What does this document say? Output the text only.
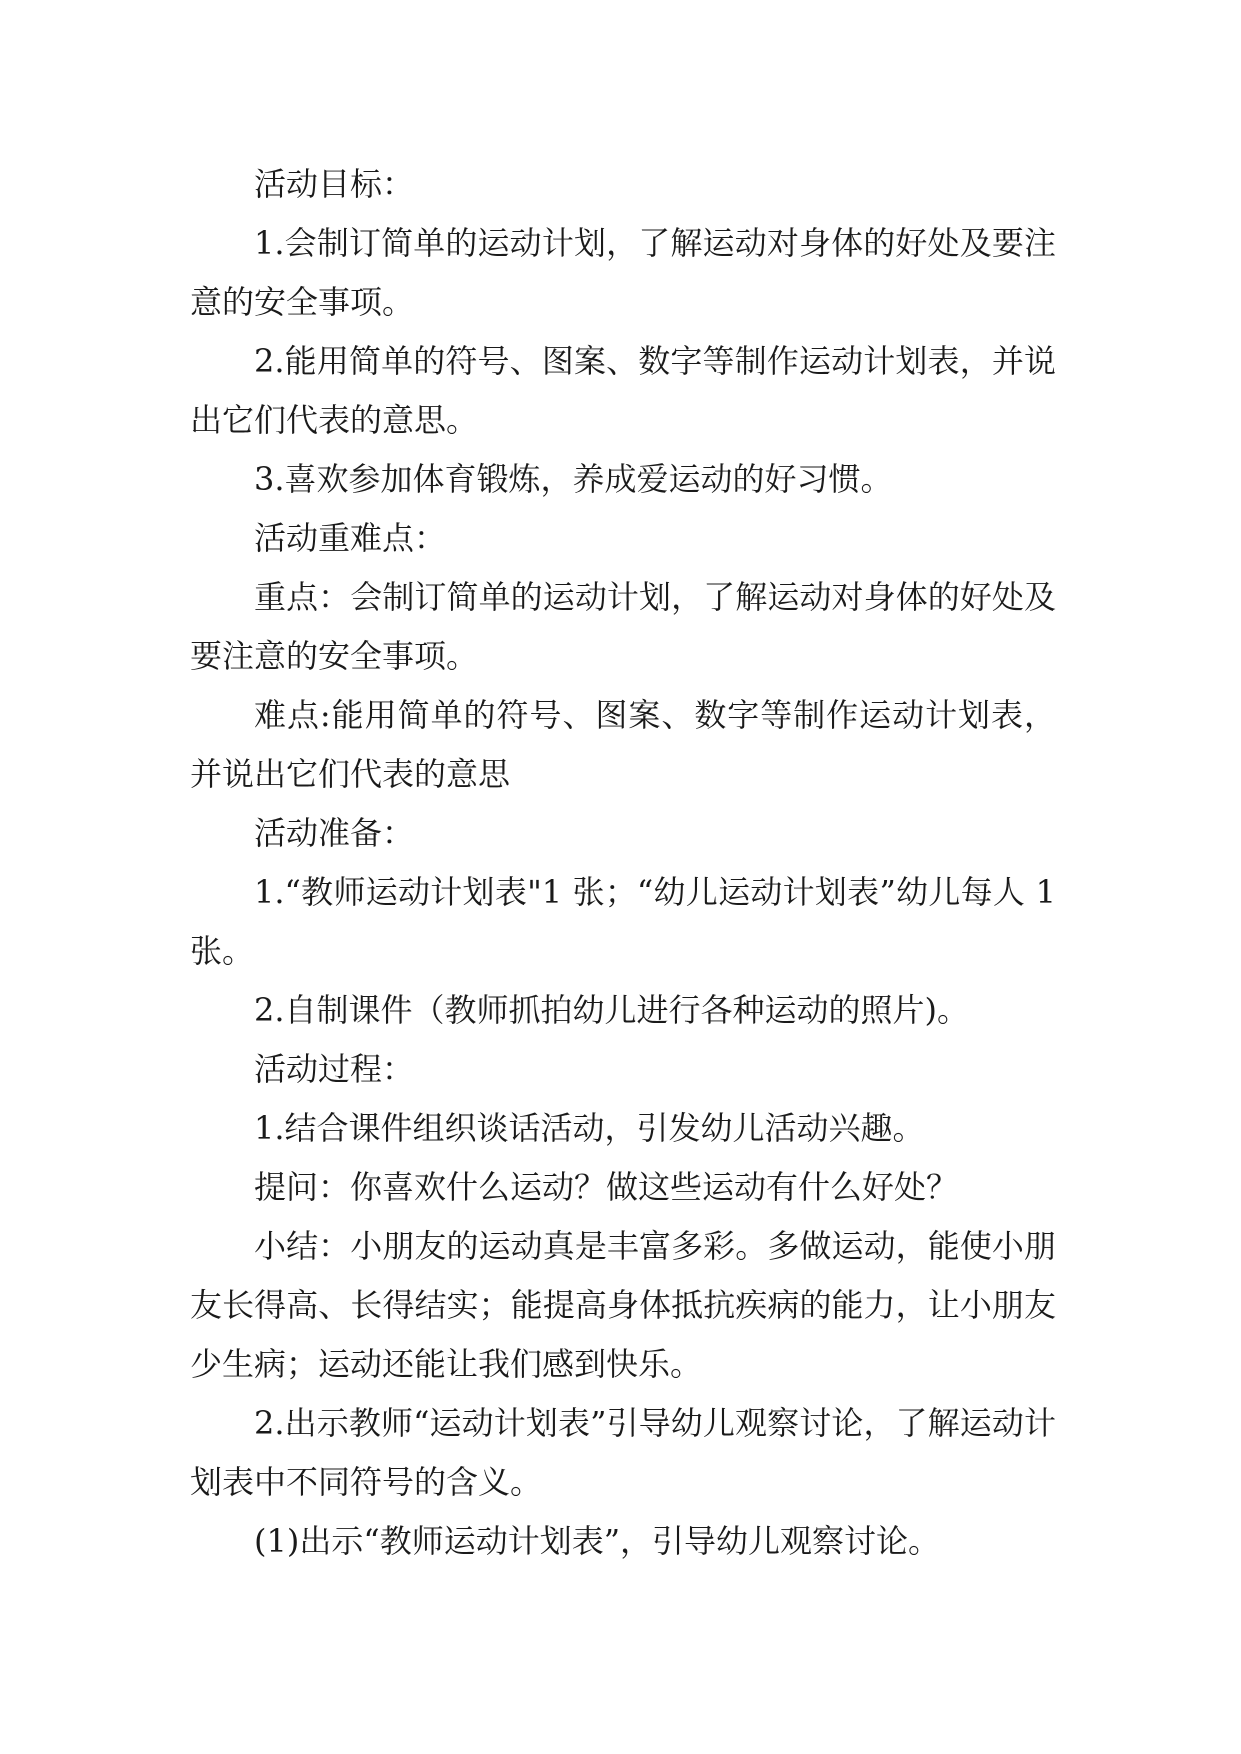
活动目标：

1.会制订简单的运动计划，了解运动对身体的好处及要注意的安全事项。

2.能用简单的符号、图案、数字等制作运动计划表，并说出它们代表的意思。

3.喜欢参加体育锻炼，养成爱运动的好习惯。

活动重难点：

重点：会制订简单的运动计划，了解运动对身体的好处及要注意的安全事项。

难点:能用简单的符号、图案、数字等制作运动计划表，并说出它们代表的意思

活动准备：

1.“教师运动计划表"1 张；“幼儿运动计划表”幼儿每人 1 张。

2.自制课件（教师抓拍幼儿进行各种运动的照片)。

活动过程：

1.结合课件组织谈话活动，引发幼儿活动兴趣。

提问：你喜欢什么运动？做这些运动有什么好处？

小结：小朋友的运动真是丰富多彩。多做运动，能使小朋友长得高、长得结实；能提高身体抵抗疾病的能力，让小朋友少生病；运动还能让我们感到快乐。

2.出示教师“运动计划表”引导幼儿观察讨论，了解运动计划表中不同符号的含义。

(1)出示“教师运动计划表”，引导幼儿观察讨论。
